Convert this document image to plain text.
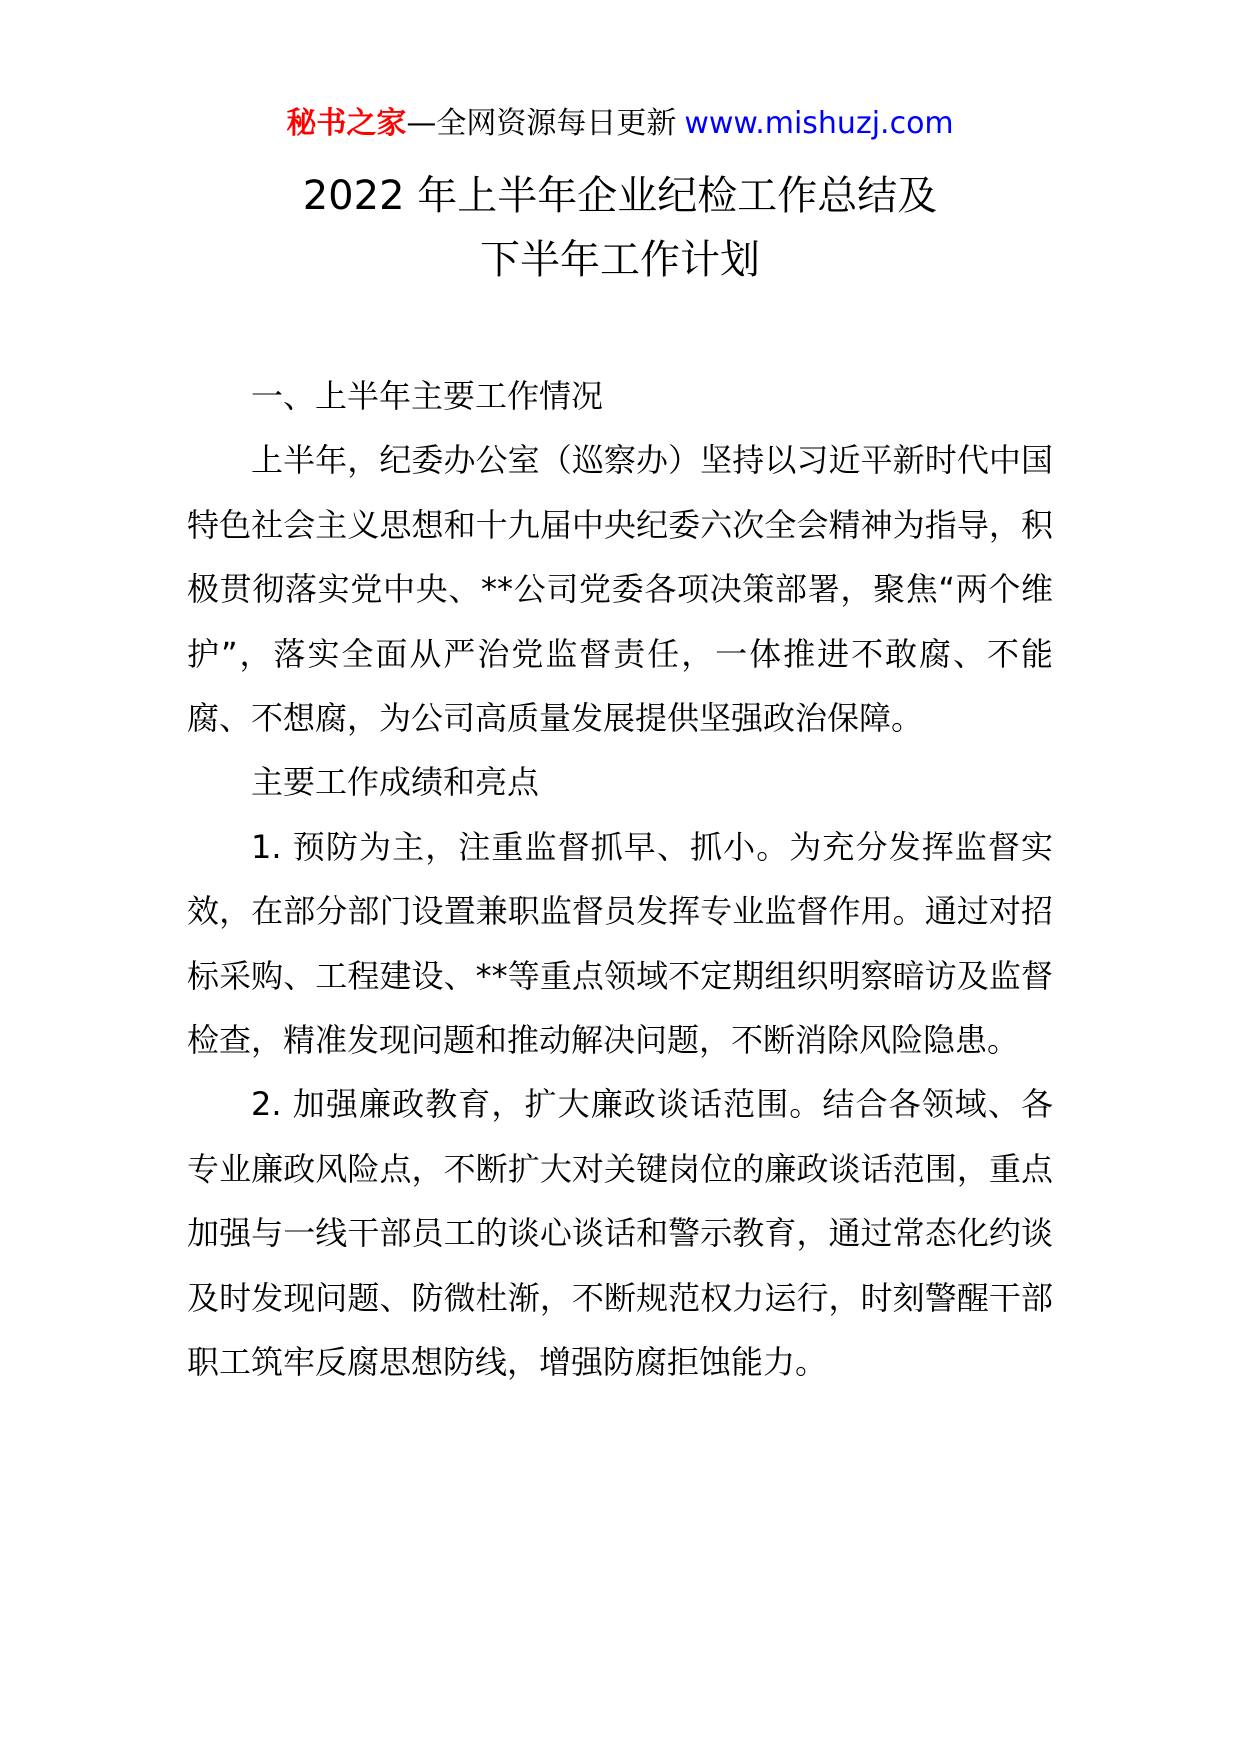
秘书之家—全网资源每日更新 www.mishuzj.com
2022 年上半年企业纪检工作总结及
下半年工作计划

一、上半年主要工作情况

上半年，纪委办公室（巡察办）坚持以习近平新时代中国特色社会主义思想和十九届中央纪委六次全会精神为指导，积极贯彻落实党中央、**公司党委各项决策部署，聚焦“两个维护”，落实全面从严治党监督责任，一体推进不敢腐、不能腐、不想腐，为公司高质量发展提供坚强政治保障。

主要工作成绩和亮点

1. 预防为主，注重监督抓早、抓小。为充分发挥监督实效，在部分部门设置兼职监督员发挥专业监督作用。通过对招标采购、工程建设、**等重点领域不定期组织明察暗访及监督检查，精准发现问题和推动解决问题，不断消除风险隐患。

2. 加强廉政教育，扩大廉政谈话范围。结合各领域、各专业廉政风险点，不断扩大对关键岗位的廉政谈话范围，重点加强与一线干部员工的谈心谈话和警示教育，通过常态化约谈及时发现问题、防微杜渐，不断规范权力运行，时刻警醒干部职工筑牢反腐思想防线，增强防腐拒蚀能力。
